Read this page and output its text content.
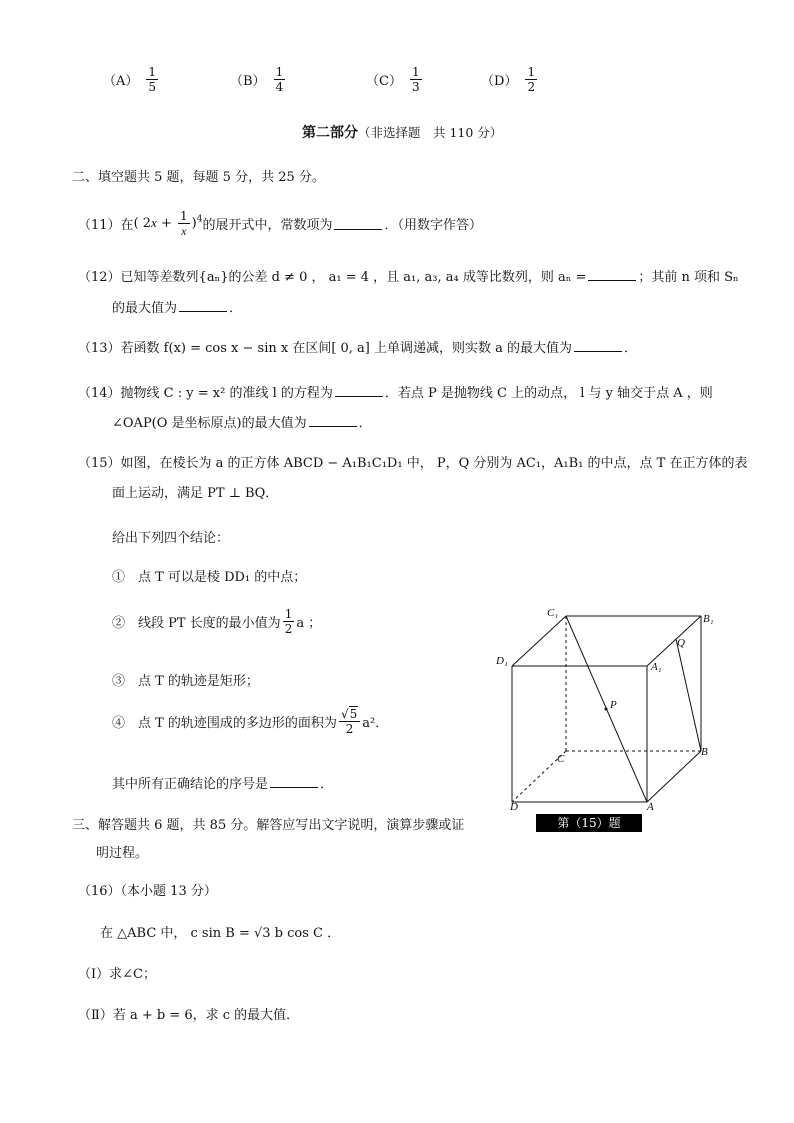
$(A) \frac{1}{5}$	$(B) \frac{1}{4}$	$(C) \frac{1}{3}$	$(D) \frac{1}{2}$
第二部分（非选择题　共 110 分）
二、填空题共 5 题，每题 5 分，共 25 分。
（11） 在 ( $2x + \frac{1}{x} )^4$ 的展开式中，常数项为	．（用数字作答）
（12）已知等差数列{aₙ}的公差 d ≠ 0 ， a₁ = 4 ，且 a₁, a₃, a₄ 成等比数列，则 aₙ =	；其前 n 项和 Sₙ
的最大值为	．
（13）若函数 f(x) = cos x − sin x 在区间[ 0, a] 上单调递减，则实数 a 的最大值为	．
（14）抛物线 C : y = x² 的准线 l 的方程为	．若点 P 是抛物线 C 上的动点， l 与 y 轴交于点 A ，则
∠OAP(O 是坐标原点)的最大值为	．
（15）如图，在棱长为 a 的正方体 ABCD − A₁B₁C₁D₁ 中， P，Q 分别为 AC₁，A₁B₁ 的中点，点 T 在正方体的表
面上运动，满足 PT ⊥ BQ．
给出下列四个结论：
①　点 T 可以是棱 DD₁ 的中点；
②　线段 PT 长度的最小值为 $\frac{1}{2}$ a ；
③　点 T 的轨迹是矩形；
④　点 T 的轨迹围成的多边形的面积为 $\frac{√5}{2} a^2$．
其中所有正确结论的序号是	．
三、解答题共 6 题，共 85 分。解答应写出文字说明，演算步骤或证
明过程。
（16）（本小题 13 分）
在 △ABC 中， c sin B = √3 b cos C ．
（Ⅰ）求∠C；
（Ⅱ）若 a + b = 6，求 c 的最大值．
C₁	B₁
D₁	A₁
Q
P
C
B
D	A
第（15）题
